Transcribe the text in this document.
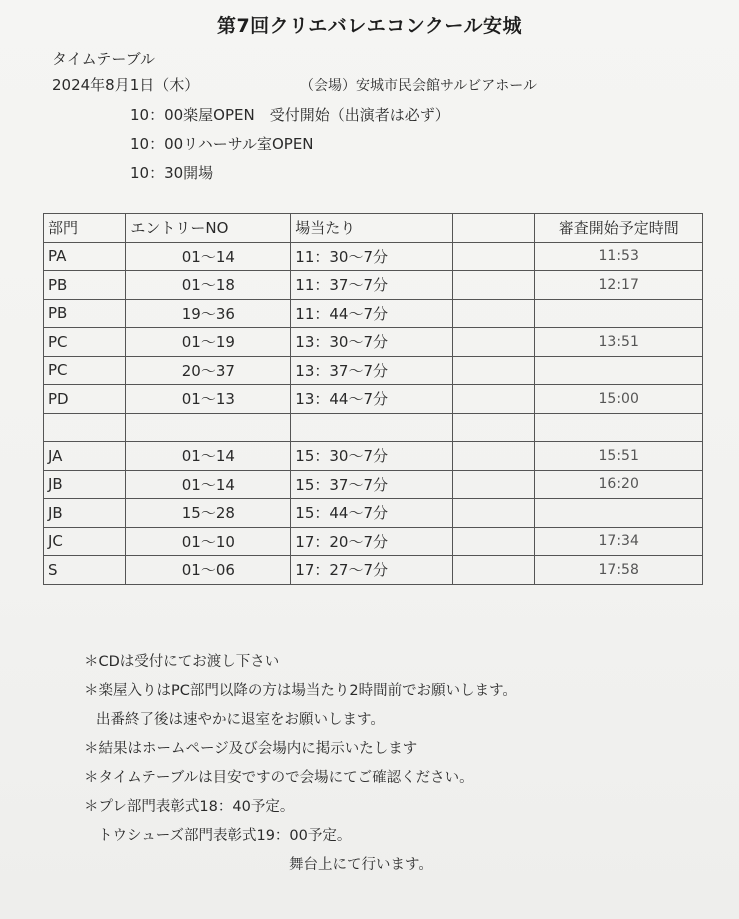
第7回クリエバレエコンクール安城
タイムテーブル
2024年8月1日（木）	（会場）安城市民会館サルビアホール
10：00楽屋OPEN　受付開始（出演者は必ず）
10：00リハーサル室OPEN
10：30開場
部門	エントリーNO	場当たり		審査開始予定時間
PA	01～14	11：30～7分		11:53
PB	01～18	11：37～7分		12:17
PB	19～36	11：44～7分		
PC	01～19	13：30～7分		13:51
PC	20～37	13：37～7分		
PD	01～13	13：44～7分		15:00

JA	01～14	15：30～7分		15:51
JB	01～14	15：37～7分		16:20
JB	15～28	15：44～7分		
JC	01～10	17：20～7分		17:34
S	01～06	17：27～7分		17:58
＊CDは受付にてお渡し下さい
＊楽屋入りはPC部門以降の方は場当たり2時間前でお願いします。
出番終了後は速やかに退室をお願いします。
＊結果はホームページ及び会場内に掲示いたします
＊タイムテーブルは目安ですので会場にてご確認ください。
＊プレ部門表彰式18：40予定。
トウシューズ部門表彰式19：00予定。
舞台上にて行います。
